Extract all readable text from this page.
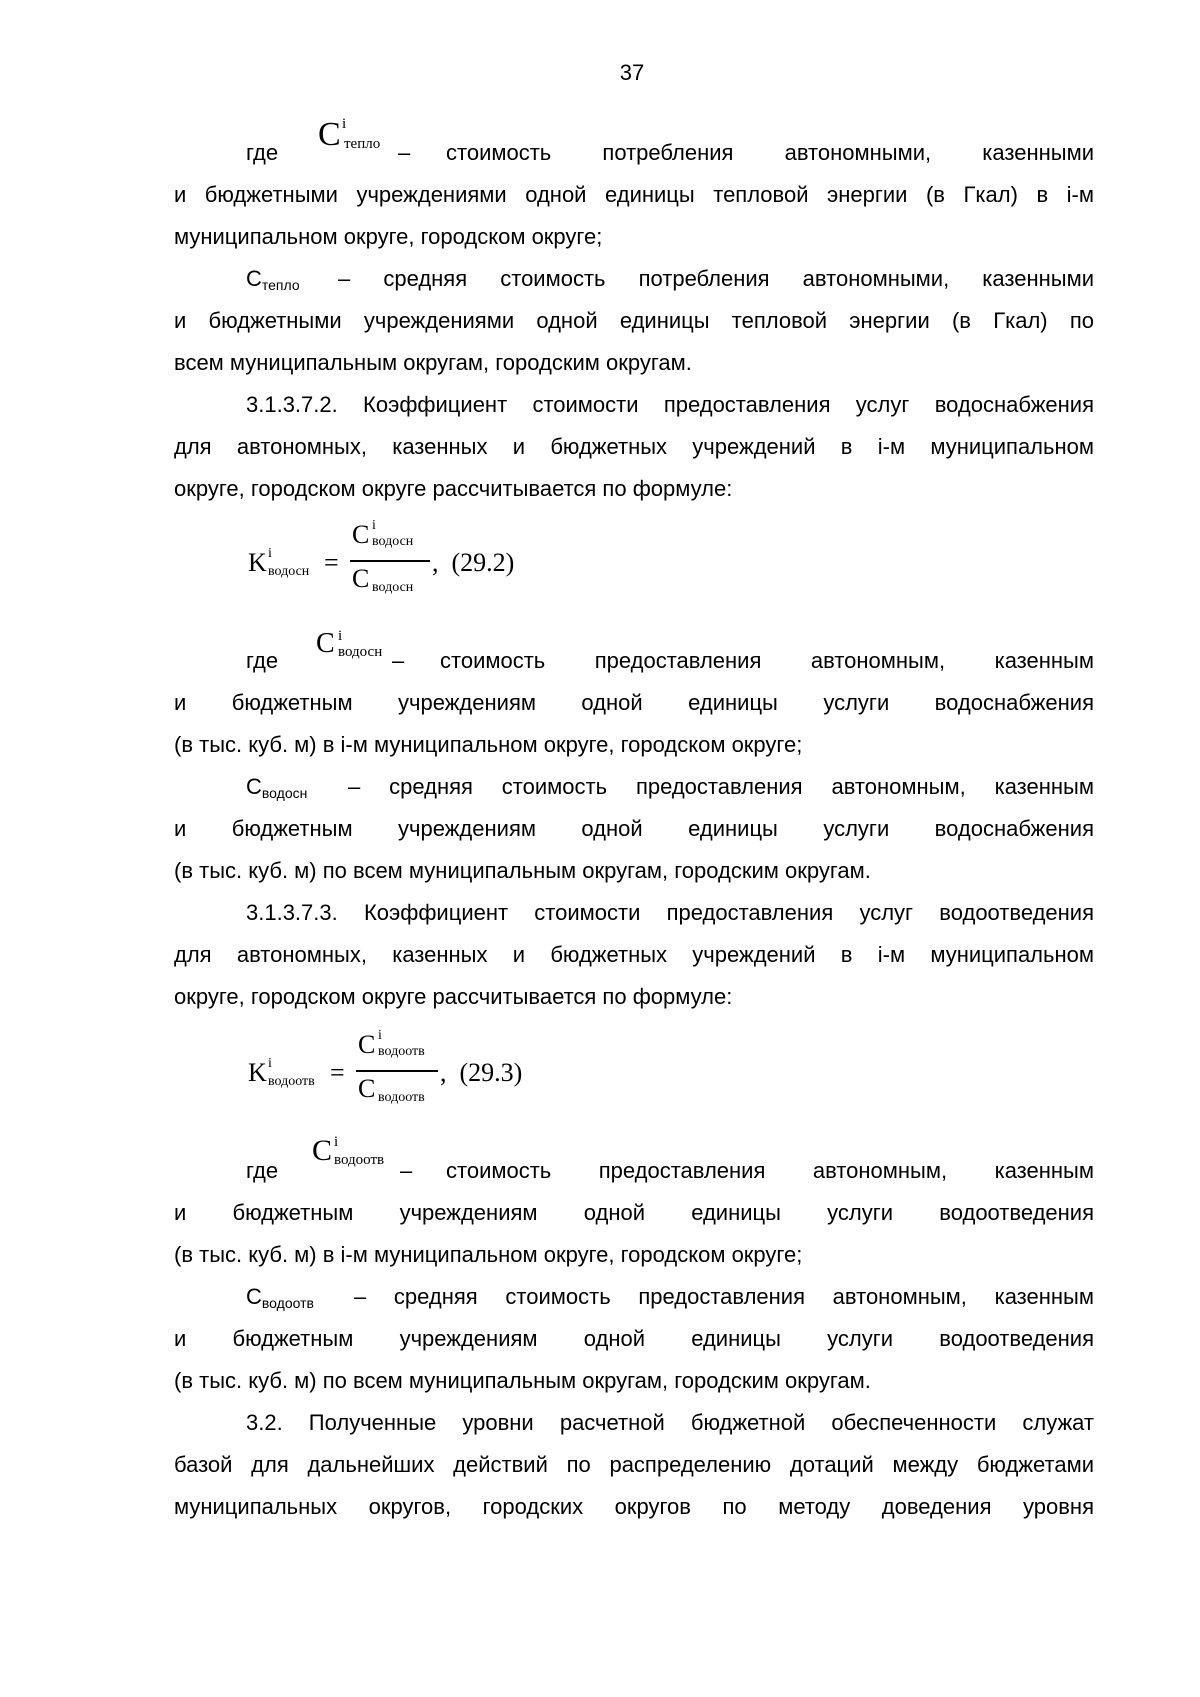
37
где C i
тепло – стоимость потребления автономными, казенными
и бюджетными учреждениями одной единицы тепловой энергии (в Гкал) в i-м
муниципальном округе, городском округе;
Степло – средняя стоимость потребления автономными, казенными
и бюджетными учреждениями одной единицы тепловой энергии (в Гкал) по
всем муниципальным округам, городским округам.
3.1.3.7.2. Коэффициент стоимости предоставления услуг водоснабжения
для автономных, казенных и бюджетных учреждений в i-м муниципальном
округе, городском округе рассчитывается по формуле:
K i
водосн =
C i
водосн
C водосн
,  (29.2)
где
C i
водосн – стоимость предоставления автономным, казенным
и бюджетным учреждениям одной единицы услуги водоснабжения
(в тыс. куб. м) в i-м муниципальном округе, городском округе;
Сводосн – средняя стоимость предоставления автономным, казенным
и бюджетным учреждениям одной единицы услуги водоснабжения
(в тыс. куб. м) по всем муниципальным округам, городским округам.
3.1.3.7.3. Коэффициент стоимости предоставления услуг водоотведения
для автономных, казенных и бюджетных учреждений в i-м муниципальном
округе, городском округе рассчитывается по формуле:
K i
водоотв =
C i
водоотв
C водоотв
,  (29.3)
где
C i
водоотв – стоимость предоставления автономным, казенным
и бюджетным учреждениям одной единицы услуги водоотведения
(в тыс. куб. м) в i-м муниципальном округе, городском округе;
Сводоотв – средняя стоимость предоставления автономным, казенным
и бюджетным учреждениям одной единицы услуги водоотведения
(в тыс. куб. м) по всем муниципальным округам, городским округам.
3.2. Полученные уровни расчетной бюджетной обеспеченности служат
базой для дальнейших действий по распределению дотаций между бюджетами
муниципальных округов, городских округов по методу доведения уровня
